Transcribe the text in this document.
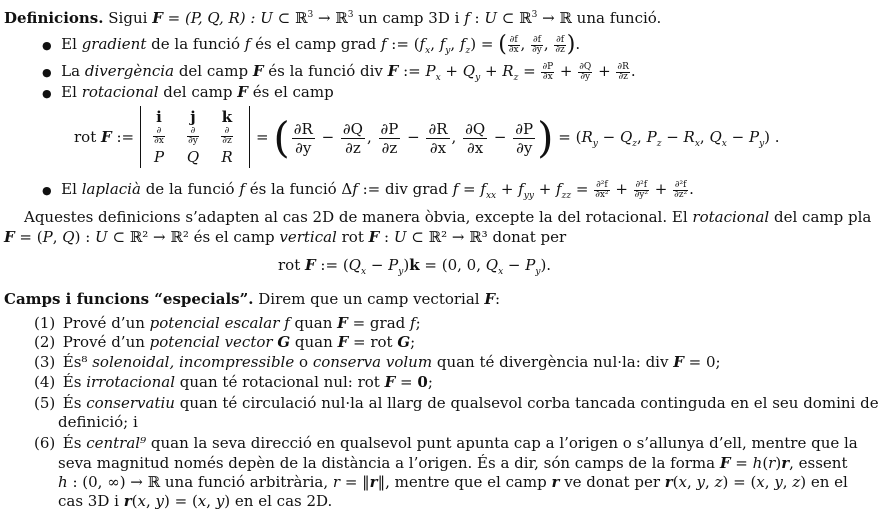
Definicions. Sigui F = (P, Q, R) : U ⊂ ℝ$^3$ → ℝ$^3$ un camp 3D i f : U ⊂ ℝ$^3$ → ℝ una funció.
● El gradient de la funció f és el camp grad f := ($f_x$, $f_y$, $f_z$) = ( $\frac{\partial f}{\partial x}$ , $\frac{\partial f}{\partial y}$ , $\frac{\partial f}{\partial z}$ ).
● La divergència del camp F és la funció div F := $P_x + Q_y + R_z = \frac{\partial P}{\partial x} + \frac{\partial Q}{\partial y} + \frac{\partial R}{\partial z}$ .
● El rotacional del camp F és el camp
rot F :=
i	j	k
$\frac{\partial}{\partial x} \frac{\partial}{\partial y} \frac{\partial}{\partial z}$
P	Q	R
= ( $\frac{\partial R}{\partial y} - \frac{\partial Q}{\partial z}$ , $\frac{\partial P}{\partial z} - \frac{\partial R}{\partial x}$ , $\frac{\partial Q}{\partial x} - \frac{\partial P}{\partial y}$ ) = ($R_y - Q_z$, $P_z - R_x$, $Q_x - P_y$) .
● El laplacià de la funció f és la funció Δf := div grad $f = f_{xx} + f_{yy} + f_{zz} = \frac{\text{∂²f}}{\text{∂x²}} + \frac{\text{∂²f}}{\text{∂y²}} + \frac{\text{∂²f}}{\text{∂z²}}$ .
Aquestes definicions s’adapten al cas 2D de manera òbvia, excepte la del rotacional. El rotacional del camp pla
F = (P, Q) : U ⊂ ℝ² → ℝ² és el camp vertical rot F : U ⊂ ℝ² → ℝ³ donat per
rot F := $(Q_x - P_y)k = (0$, 0, $Q_x - P_y$).
Camps i funcions “especials”. Direm que un camp vectorial F:
(1) Prové d’un potencial escalar f quan F = grad f;
(2) Prové d’un potencial vector G quan F = rot G;
(3) És⁸ solenoidal, incompressible o conserva volum quan té divergència nul·la: div F = 0;
(4) És irrotacional quan té rotacional nul: rot F = 0;
(5) És conservatiu quan té circulació nul·la al llarg de qualsevol corba tancada continguda en el seu domini de
definició; i
(6) És central⁹ quan la seva direcció en qualsevol punt apunta cap a l’origen o s’allunya d’ell, mentre que la
seva magnitud només depèn de la distància a l’origen. És a dir, són camps de la forma F = h(r)r, essent
h : (0, ∞) → ℝ una funció arbitrària, r = ‖r‖, mentre que el camp r ve donat per r(x, y, z) = (x, y, z) en el
cas 3D i r(x, y) = (x, y) en el cas 2D.
